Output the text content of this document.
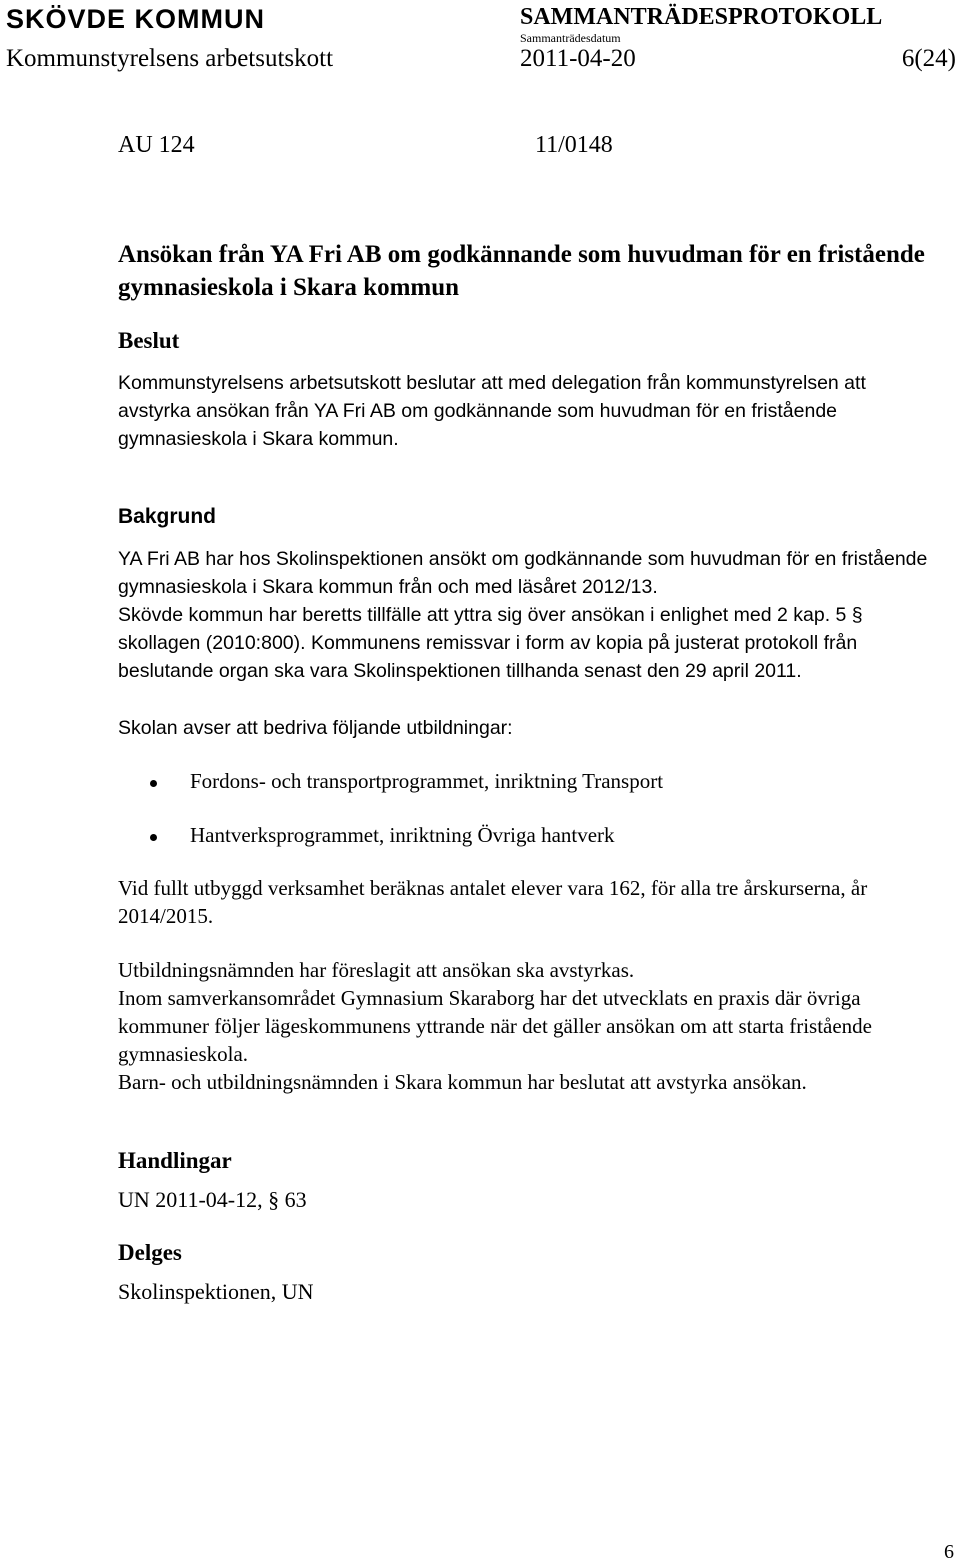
SKÖVDE KOMMUN	SAMMANTRÄDESPROTOKOLL
Sammanträdesdatum
Kommunstyrelsens arbetsutskott	2011-04-20	6(24)
AU 124	11/0148
Ansökan från YA Fri AB om godkännande som huvudman för en fristående gymnasieskola i Skara kommun
Beslut
Kommunstyrelsens arbetsutskott beslutar att med delegation från kommunstyrelsen att avstyrka ansökan från YA Fri AB om godkännande som huvudman för en fristående gymnasieskola i Skara kommun.
Bakgrund
YA Fri AB har hos Skolinspektionen ansökt om godkännande som huvudman för en fristående gymnasieskola i Skara kommun från och med läsåret 2012/13.
Skövde kommun har beretts tillfälle att yttra sig över ansökan i enlighet med 2 kap. 5 § skollagen (2010:800). Kommunens remissvar i form av kopia på justerat protokoll från beslutande organ ska vara Skolinspektionen tillhanda senast den 29 april 2011.
Skolan avser att bedriva följande utbildningar:
Fordons- och transportprogrammet, inriktning Transport
Hantverksprogrammet, inriktning Övriga hantverk
Vid fullt utbyggd verksamhet beräknas antalet elever vara 162, för alla tre årskurserna, år 2014/2015.
Utbildningsnämnden har föreslagit att ansökan ska avstyrkas.
Inom samverkansområdet Gymnasium Skaraborg har det utvecklats en praxis där övriga kommuner följer lägeskommunens yttrande när det gäller ansökan om att starta fristående gymnasieskola.
Barn- och utbildningsnämnden i Skara kommun har beslutat att avstyrka ansökan.
Handlingar
UN 2011-04-12, § 63
Delges
Skolinspektionen, UN
6
